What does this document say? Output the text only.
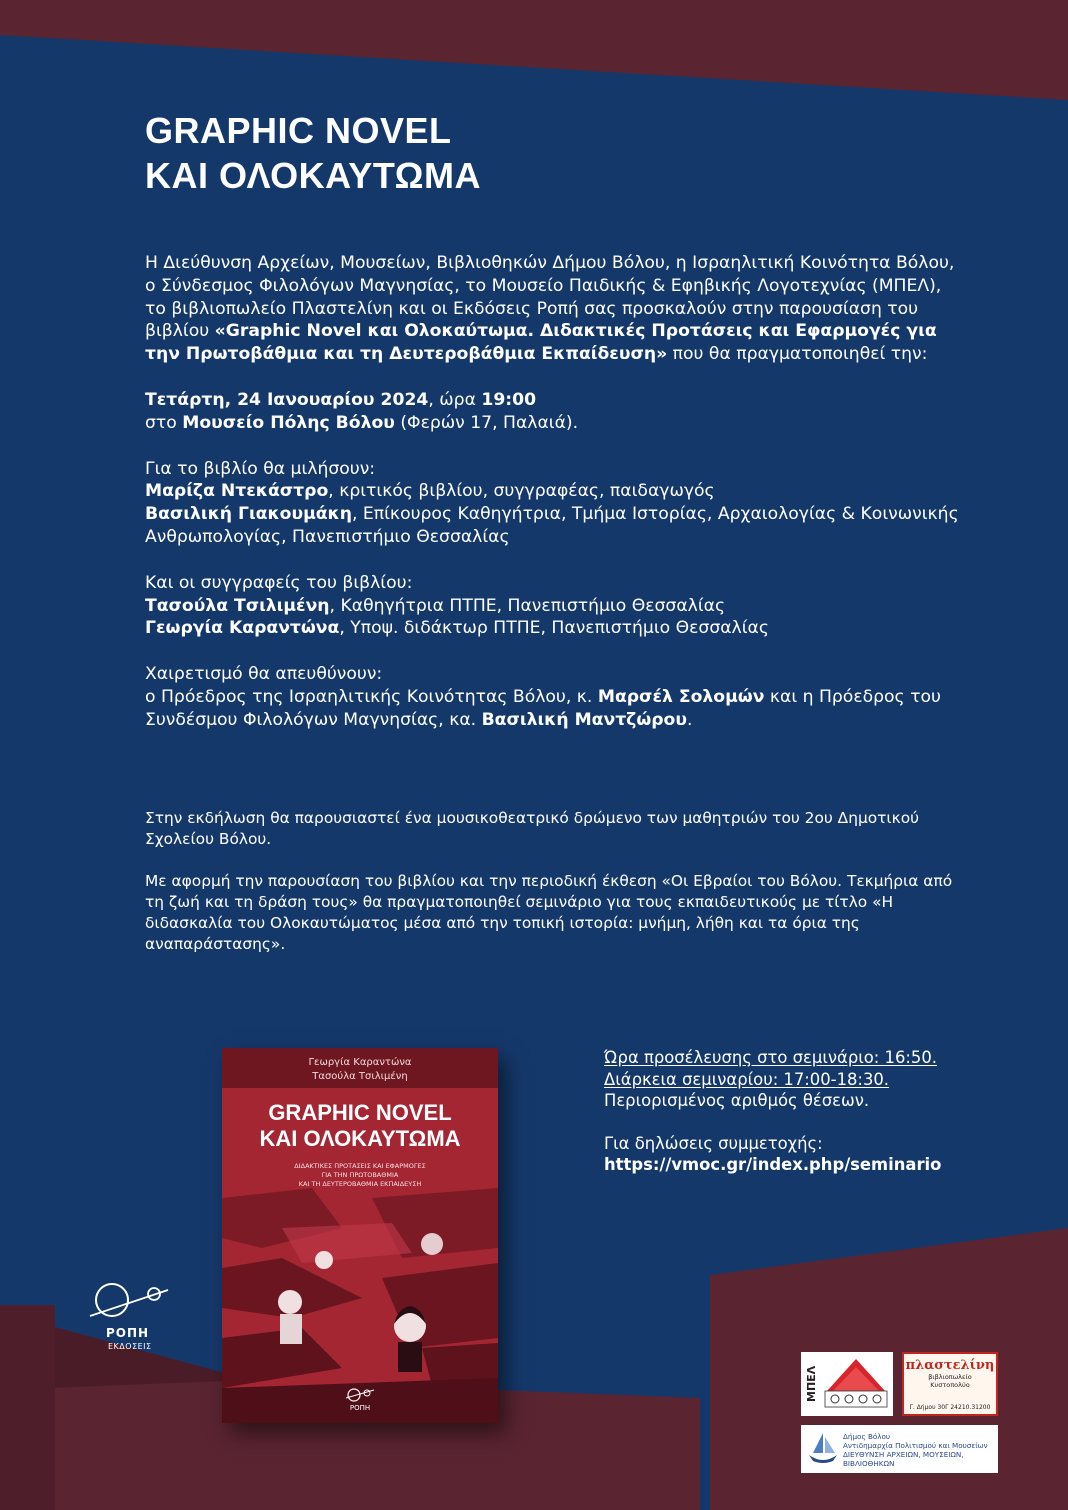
GRAPHIC NOVEL
ΚΑΙ ΟΛΟΚΑΥΤΩΜΑ

Η Διεύθυνση Αρχείων, Μουσείων, Βιβλιοθηκών Δήμου Βόλου, η Ισραηλιτική Κοινότητα Βόλου, ο Σύνδεσμος Φιλολόγων Μαγνησίας, το Μουσείο Παιδικής & Εφηβικής Λογοτεχνίας (ΜΠΕΛ), το βιβλιοπωλείο Πλαστελίνη και οι Εκδόσεις Ροπή σας προσκαλούν στην παρουσίαση του βιβλίου «Graphic Novel και Ολοκαύτωμα. Διδακτικές Προτάσεις και Εφαρμογές για την Πρωτοβάθμια και τη Δευτεροβάθμια Εκπαίδευση» που θα πραγματοποιηθεί την:

Τετάρτη, 24 Ιανουαρίου 2024, ώρα 19:00

στο Μουσείο Πόλης Βόλου (Φερών 17, Παλαιά).

Για το βιβλίο θα μιλήσουν:

Μαρίζα Ντεκάστρο, κριτικός βιβλίου, συγγραφέας, παιδαγωγός

Βασιλική Γιακουμάκη, Επίκουρος Καθηγήτρια, Τμήμα Ιστορίας, Αρχαιολογίας & Κοινωνικής Ανθρωπολογίας, Πανεπιστήμιο Θεσσαλίας

Και οι συγγραφείς του βιβλίου:

Τασούλα Τσιλιμένη, Καθηγήτρια ΠΤΠΕ, Πανεπιστήμιο Θεσσαλίας

Γεωργία Καραντώνα, Υποψ. διδάκτωρ ΠΤΠΕ, Πανεπιστήμιο Θεσσαλίας

Χαιρετισμό θα απευθύνουν:

ο Πρόεδρος της Ισραηλιτικής Κοινότητας Βόλου, κ. Μαρσέλ Σολομών και η Πρόεδρος του Συνδέσμου Φιλολόγων Μαγνησίας, κα. Βασιλική Μαντζώρου.

Στην εκδήλωση θα παρουσιαστεί ένα μουσικοθεατρικό δρώμενο των μαθητριών του 2ου Δημοτικού Σχολείου Βόλου.

Με αφορμή την παρουσίαση του βιβλίου και την περιοδική έκθεση «Οι Εβραίοι του Βόλου. Τεκμήρια από τη ζωή και τη δράση τους» θα πραγματοποιηθεί σεμινάριο για τους εκπαιδευτικούς με τίτλο «Η διδασκαλία του Ολοκαυτώματος μέσα από την τοπική ιστορία: μνήμη, λήθη και τα όρια της αναπαράστασης».

Γεωργία Καραντώνα
Τασούλα Τσιλιμένη
GRAPHIC NOVEL
ΚΑΙ ΟΛΟΚΑΥΤΩΜΑ
ΔΙΔΑΚΤΙΚΕΣ ΠΡΟΤΑΣΕΙΣ ΚΑΙ ΕΦΑΡΜΟΓΕΣ
ΓΙΑ ΤΗΝ ΠΡΩΤΟΒΑΘΜΙΑ
ΚΑΙ ΤΗ ΔΕΥΤΕΡΟΒΑΘΜΙΑ ΕΚΠΑΙΔΕΥΣΗ
ΡΟΠΗ

Ώρα προσέλευσης στο σεμινάριο: 16:50.

Διάρκεια σεμιναρίου: 17:00-18:30.

Περιορισμένος αριθμός θέσεων.

Για δηλώσεις συμμετοχής:

https://vmoc.gr/index.php/seminario

ΡΟΠΗ
ΕΚΔΟΣΕΙΣ
ΜΠΕΛ
πλαστελίνη
βιβλιοπωλείο
Κυστοπολύο
Γ. Δήμου 30Γ 24210.31200
Δήμος Βόλου
Αντιδημαρχία Πολιτισμού και Μουσείων
ΔΙΕΥΘΥΝΣΗ ΑΡΧΕΙΩΝ, ΜΟΥΣΕΙΩΝ, ΒΙΒΛΙΟΘΗΚΩΝ
